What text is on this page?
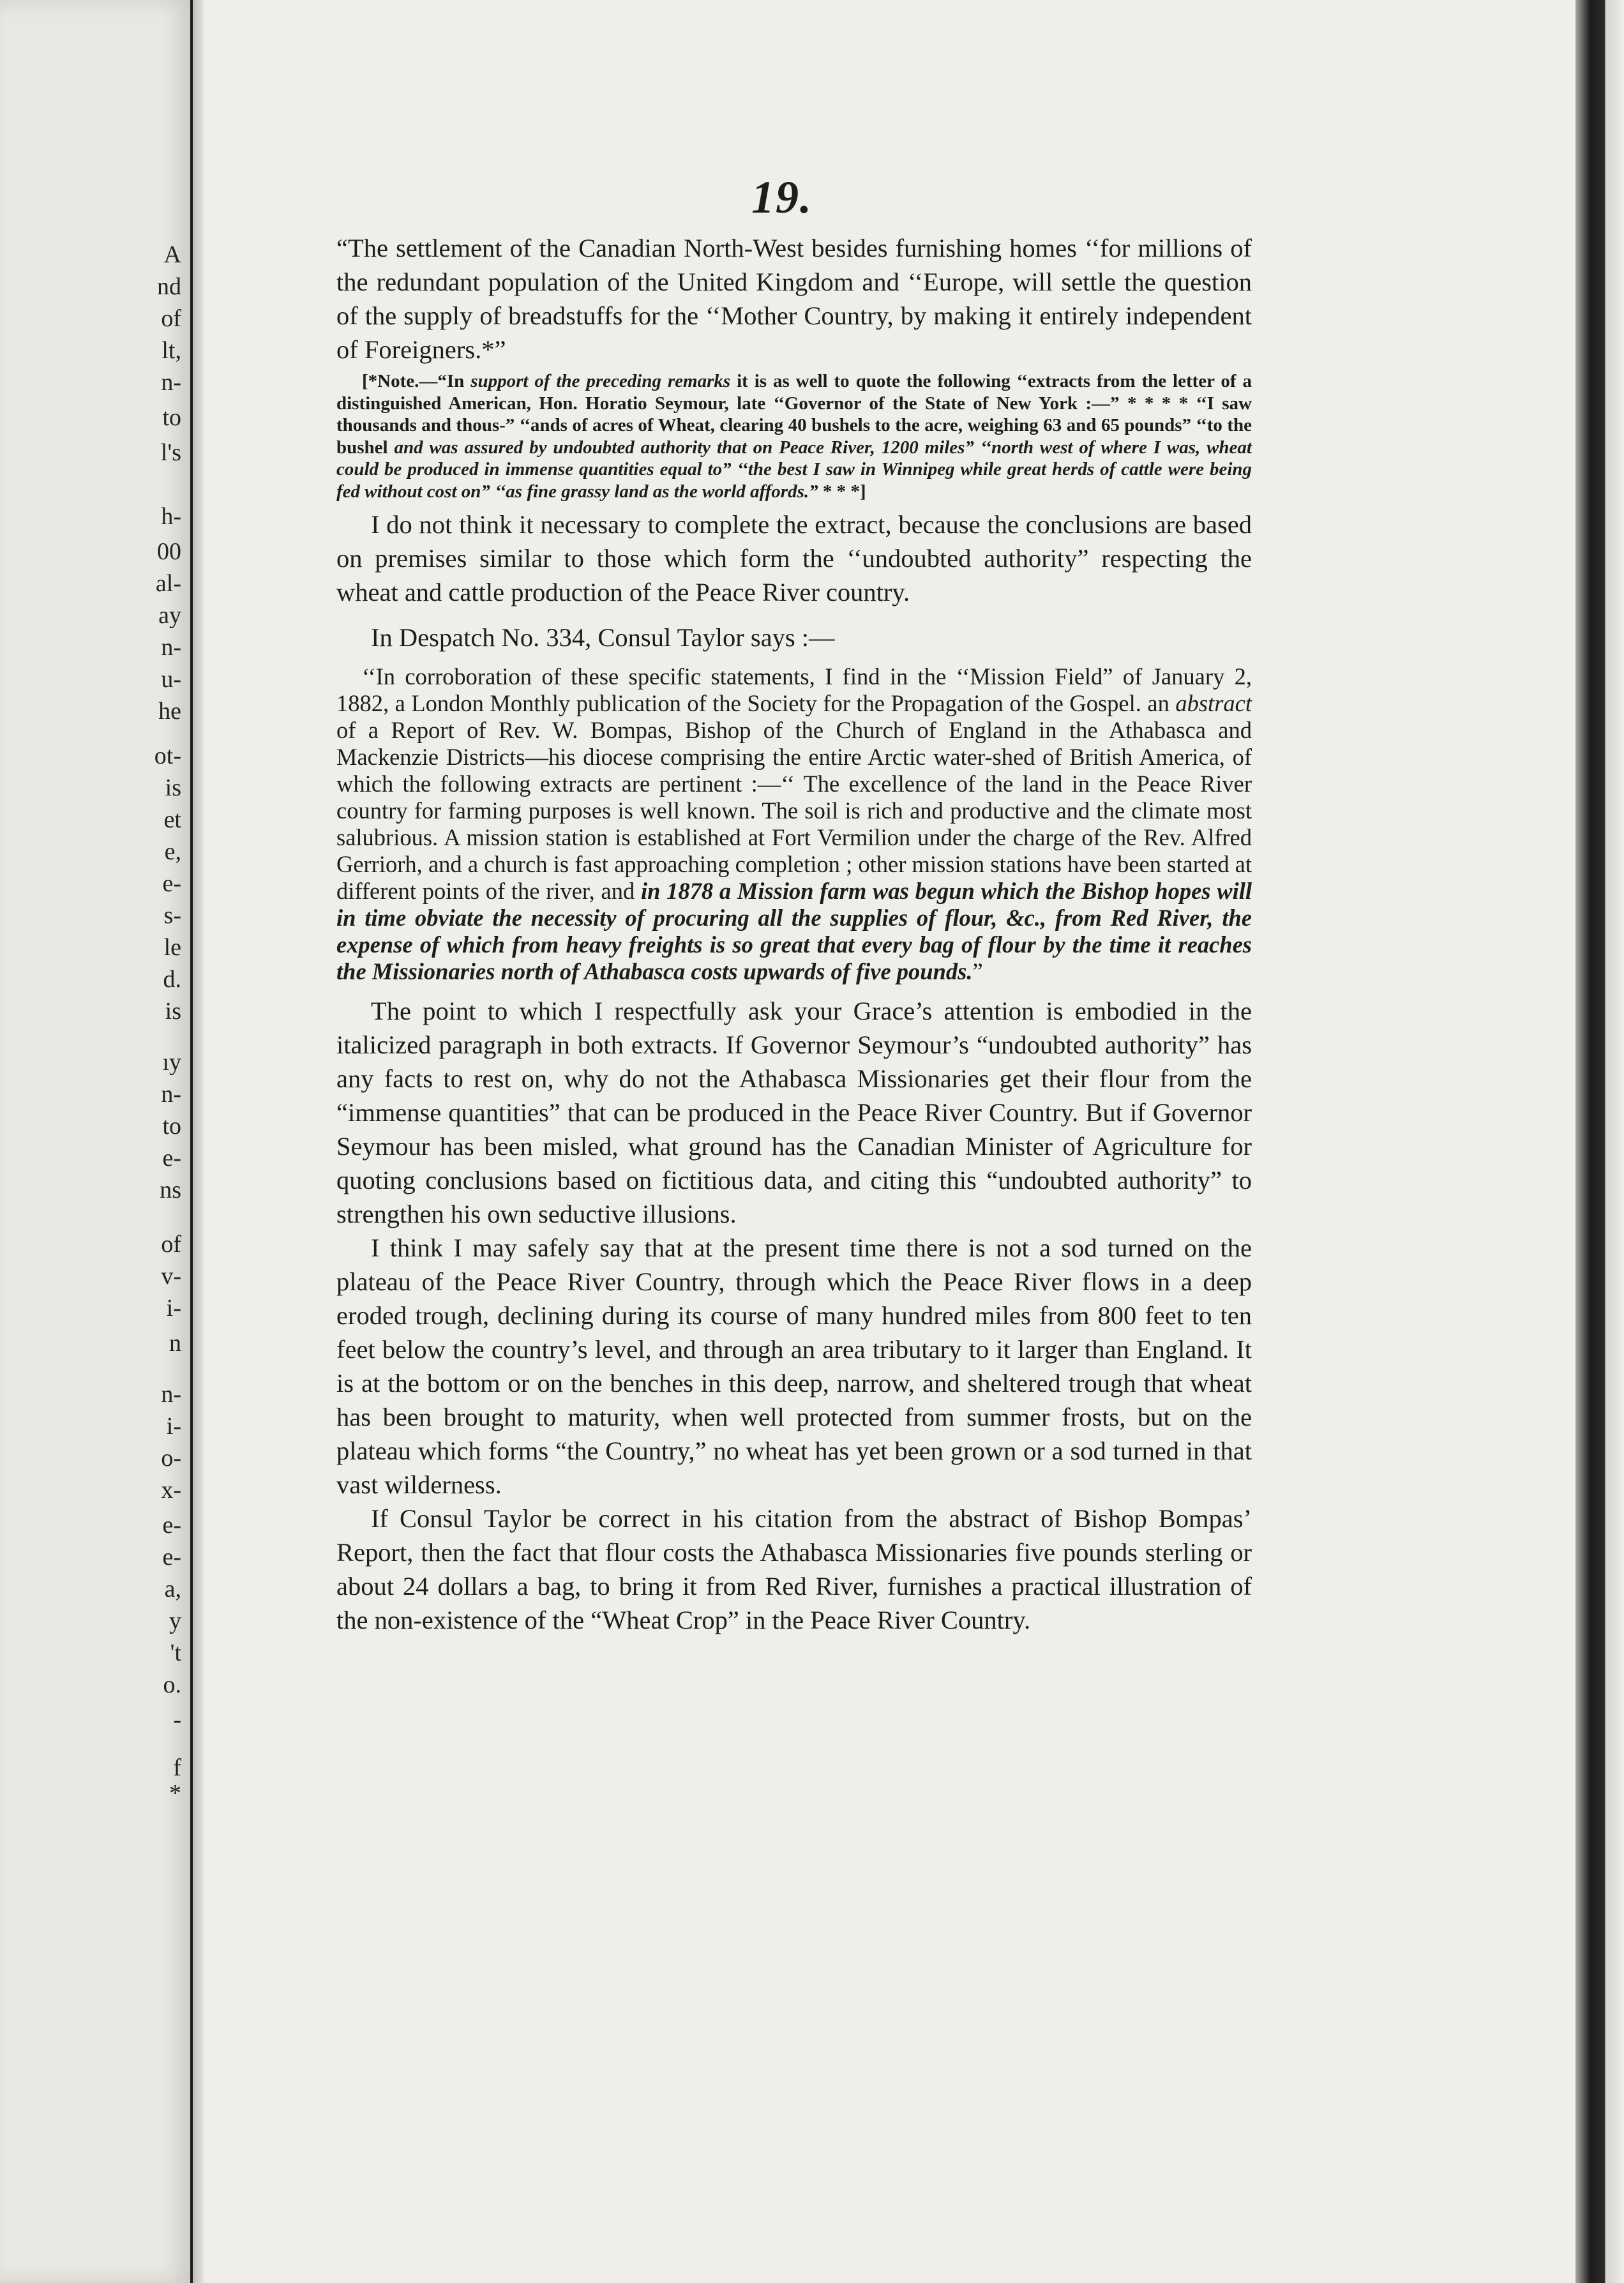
A
nd
of
lt,
n-
to
l's
h-
00
al-
ay
n-
u-
he
ot-
is
et
e,
e-
s-
le
d.
is
ıy
n-
to
e-
ns
of
v-
i-
n
n-
i-
o-
x-
e-
e-
a,
y
't
o.
-
f
*
19.

“The settlement of the Canadian North-West besides furnishing homes ‘‘for millions of the redundant population of the United Kingdom and ‘‘Europe, will settle the question of the supply of breadstuffs for the ‘‘Mother Country, by making it entirely independent of Foreigners.*”

[*Note.—“In support of the preceding remarks it is as well to quote the following ‘‘extracts from the letter of a distinguished American, Hon. Horatio Seymour, late ‘‘Governor of the State of New York :—” * * * * ‘‘I saw thousands and thous-” ‘‘ands of acres of Wheat, clearing 40 bushels to the acre, weighing 63 and 65 pounds” ‘‘to the bushel and was assured by undoubted authority that on Peace River, 1200 miles” ‘‘north west of where I was, wheat could be produced in immense quantities equal to” ‘‘the best I saw in Winnipeg while great herds of cattle were being fed without cost on” ‘‘as fine grassy land as the world affords.” * * *]

I do not think it necessary to complete the extract, because the conclusions are based on premises similar to those which form the ‘‘undoubted authority” respecting the wheat and cattle production of the Peace River country.

In Despatch No. 334, Consul Taylor says :—

‘‘In corroboration of these specific statements, I find in the ‘‘Mission Field” of January 2, 1882, a London Monthly publication of the Society for the Propagation of the Gospel. an abstract of a Report of Rev. W. Bompas, Bishop of the Church of England in the Athabasca and Mackenzie Districts—his diocese comprising the entire Arctic water-shed of British America, of which the following extracts are pertinent :—‘‘ The excellence of the land in the Peace River country for farming purposes is well known. The soil is rich and productive and the climate most salubrious. A mission station is established at Fort Vermilion under the charge of the Rev. Alfred Gerriorh, and a church is fast approaching completion ; other mission stations have been started at different points of the river, and in 1878 a Mission farm was begun which the Bishop hopes will in time obviate the necessity of procuring all the supplies of flour, &c., from Red River, the expense of which from heavy freights is so great that every bag of flour by the time it reaches the Missionaries north of Athabasca costs upwards of five pounds.”

The point to which I respectfully ask your Grace’s attention is embodied in the italicized paragraph in both extracts. If Governor Seymour’s “undoubted authority” has any facts to rest on, why do not the Athabasca Missionaries get their flour from the “immense quantities” that can be produced in the Peace River Country. But if Governor Seymour has been misled, what ground has the Canadian Minister of Agriculture for quoting conclusions based on fictitious data, and citing this “undoubted authority” to strengthen his own seductive illusions.

I think I may safely say that at the present time there is not a sod turned on the plateau of the Peace River Country, through which the Peace River flows in a deep eroded trough, declining during its course of many hundred miles from 800 feet to ten feet below the country’s level, and through an area tributary to it larger than England. It is at the bottom or on the benches in this deep, narrow, and sheltered trough that wheat has been brought to maturity, when well protected from summer frosts, but on the plateau which forms “the Country,” no wheat has yet been grown or a sod turned in that vast wilderness.

If Consul Taylor be correct in his citation from the abstract of Bishop Bompas’ Report, then the fact that flour costs the Athabasca Missionaries five pounds sterling or about 24 dollars a bag, to bring it from Red River, furnishes a practical illustration of the non-existence of the “Wheat Crop” in the Peace River Country.
